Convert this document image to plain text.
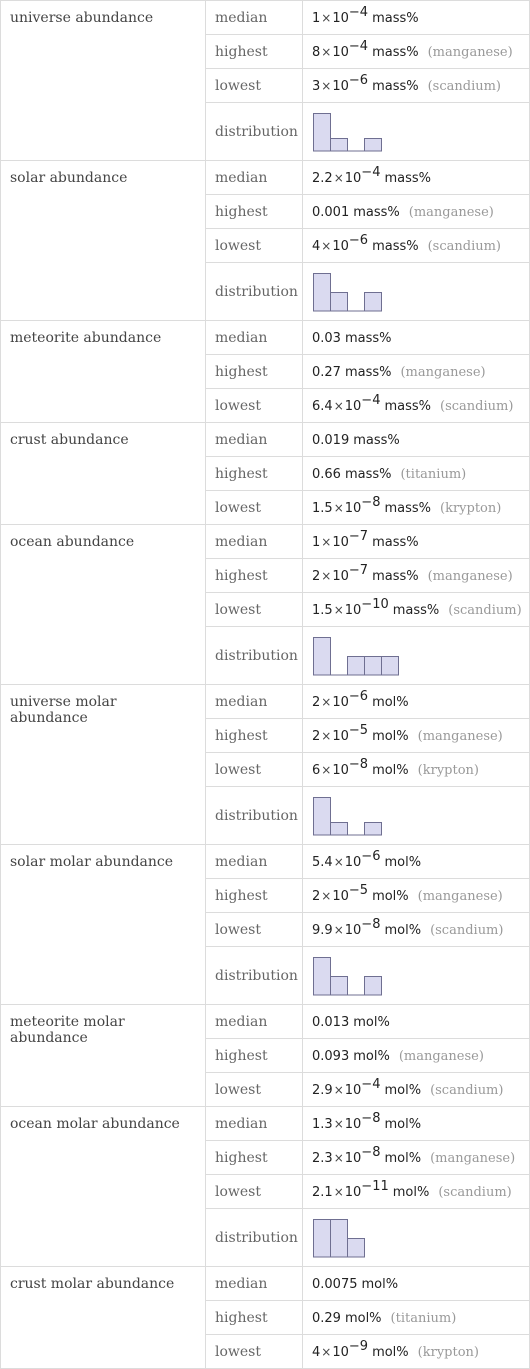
universe abundance	median	$1\times 10^{-4}$ mass%
	highest	$8\times 10^{-4}$ mass% (manganese)
	lowest	$3\times 10^{-6}$ mass% (scandium)
	distribution	

solar abundance	median	$2.2\times 10^{-4}$ mass%
	highest	0.001 mass% (manganese)
	lowest	$4\times 10^{-6}$ mass% (scandium)
	distribution	

meteorite abundance	median	0.03 mass%
	highest	0.27 mass% (manganese)
	lowest	$6.4\times 10^{-4}$ mass% (scandium)
crust abundance	median	0.019 mass%
	highest	0.66 mass% (titanium)
	lowest	$1.5\times 10^{-8}$ mass% (krypton)
ocean abundance	median	$1\times 10^{-7}$ mass%
	highest	$2\times 10^{-7}$ mass% (manganese)
	lowest	$1.5\times 10^{-10}$ mass% (scandium)
	distribution	

universe molar abundance	median	$2\times 10^{-6}$ mol%
	highest	$2\times 10^{-5}$ mol% (manganese)
	lowest	$6\times 10^{-8}$ mol% (krypton)
	distribution	

solar molar abundance	median	$5.4\times 10^{-6}$ mol%
	highest	$2\times 10^{-5}$ mol% (manganese)
	lowest	$9.9\times 10^{-8}$ mol% (scandium)
	distribution	

meteorite molar abundance	median	0.013 mol%
	highest	0.093 mol% (manganese)
	lowest	$2.9\times 10^{-4}$ mol% (scandium)
ocean molar abundance	median	$1.3\times 10^{-8}$ mol%
	highest	$2.3\times 10^{-8}$ mol% (manganese)
	lowest	$2.1\times 10^{-11}$ mol% (scandium)
	distribution	

crust molar abundance	median	0.0075 mol%
	highest	0.29 mol% (titanium)
	lowest	$4\times 10^{-9}$ mol% (krypton)
